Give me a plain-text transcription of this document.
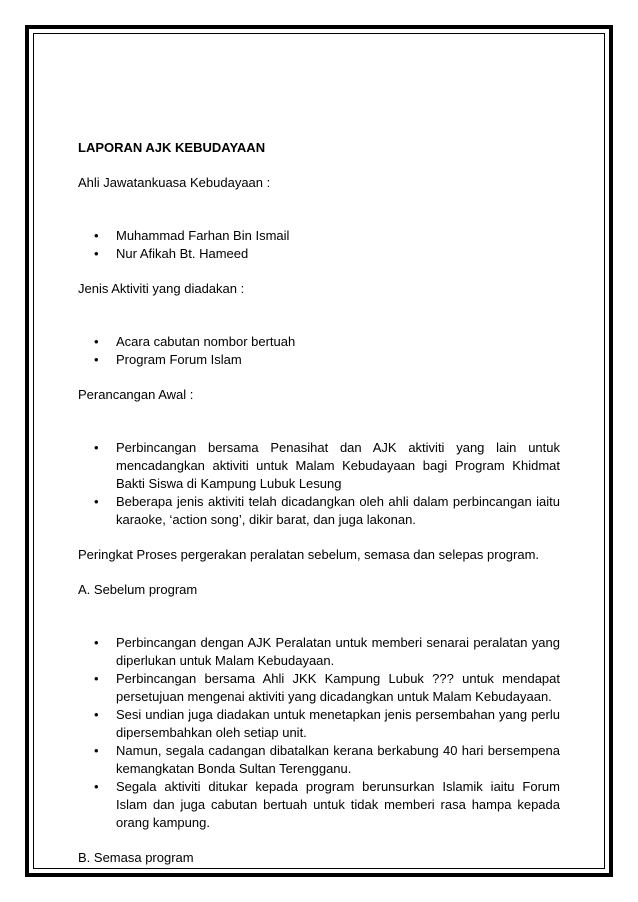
LAPORAN AJK KEBUDAYAAN
Ahli Jawatankuasa Kebudayaan :
• Muhammad Farhan Bin Ismail
• Nur Afikah Bt. Hameed
Jenis Aktiviti yang diadakan :
• Acara cabutan nombor bertuah
• Program Forum Islam
Perancangan Awal :
• Perbincangan bersama Penasihat dan AJK aktiviti yang lain untuk mencadangkan aktiviti untuk Malam Kebudayaan bagi Program Khidmat Bakti Siswa di Kampung Lubuk Lesung
• Beberapa jenis aktiviti telah dicadangkan oleh ahli dalam perbincangan iaitu karaoke, ‘action song’, dikir barat, dan juga lakonan.
Peringkat Proses pergerakan peralatan sebelum, semasa dan selepas program.
A. Sebelum program
• Perbincangan dengan AJK Peralatan untuk memberi senarai peralatan yang diperlukan untuk Malam Kebudayaan.
• Perbincangan bersama Ahli JKK Kampung Lubuk ??? untuk mendapat persetujuan mengenai aktiviti yang dicadangkan untuk Malam Kebudayaan.
• Sesi undian juga diadakan untuk menetapkan jenis persembahan yang perlu dipersembahkan oleh setiap unit.
• Namun, segala cadangan dibatalkan kerana berkabung 40 hari bersempena kemangkatan Bonda Sultan Terengganu.
• Segala aktiviti ditukar kepada program berunsurkan Islamik iaitu Forum Islam dan juga cabutan bertuah untuk tidak memberi rasa hampa kepada orang kampung.
B. Semasa program
